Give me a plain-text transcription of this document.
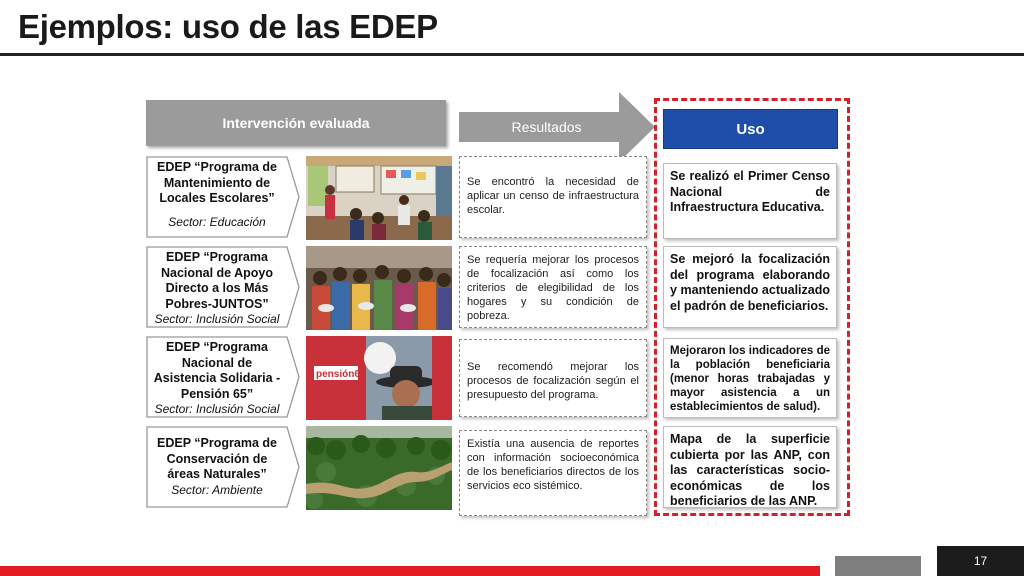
Ejemplos: uso de las EDEP
Intervención evaluada	Resultados	Uso
EDEP “Programa de Mantenimiento de Locales Escolares”
Sector: Educación
Se encontró la necesidad de aplicar un censo de infraestructura escolar.
Se realizó el Primer Censo Nacional de Infraestructura Educativa.
EDEP “Programa Nacional de Apoyo Directo a los Más Pobres-JUNTOS”
Sector: Inclusión Social
Se requería mejorar los procesos de focalización así como los criterios de elegibilidad de los hogares y su condición de pobreza.
Se mejoró la focalización del programa elaborando y manteniendo actualizado el padrón de beneficiarios.
EDEP “Programa Nacional de Asistencia Solidaria - Pensión 65”
Sector: Inclusión Social
pensión65
Se recomendó mejorar los procesos de focalización según el presupuesto del programa.
Mejoraron los indicadores de la población beneficiaria (menor horas trabajadas y mayor asistencia a un establecimientos de salud).
EDEP “Programa de Conservación de áreas Naturales”
Sector: Ambiente
Existía una ausencia de reportes con información socioeconómica de los beneficiarios directos de los servicios eco sistémico.
Mapa de la superficie cubierta por las ANP, con las características socio-económicas de los beneficiarios de las ANP.
17
